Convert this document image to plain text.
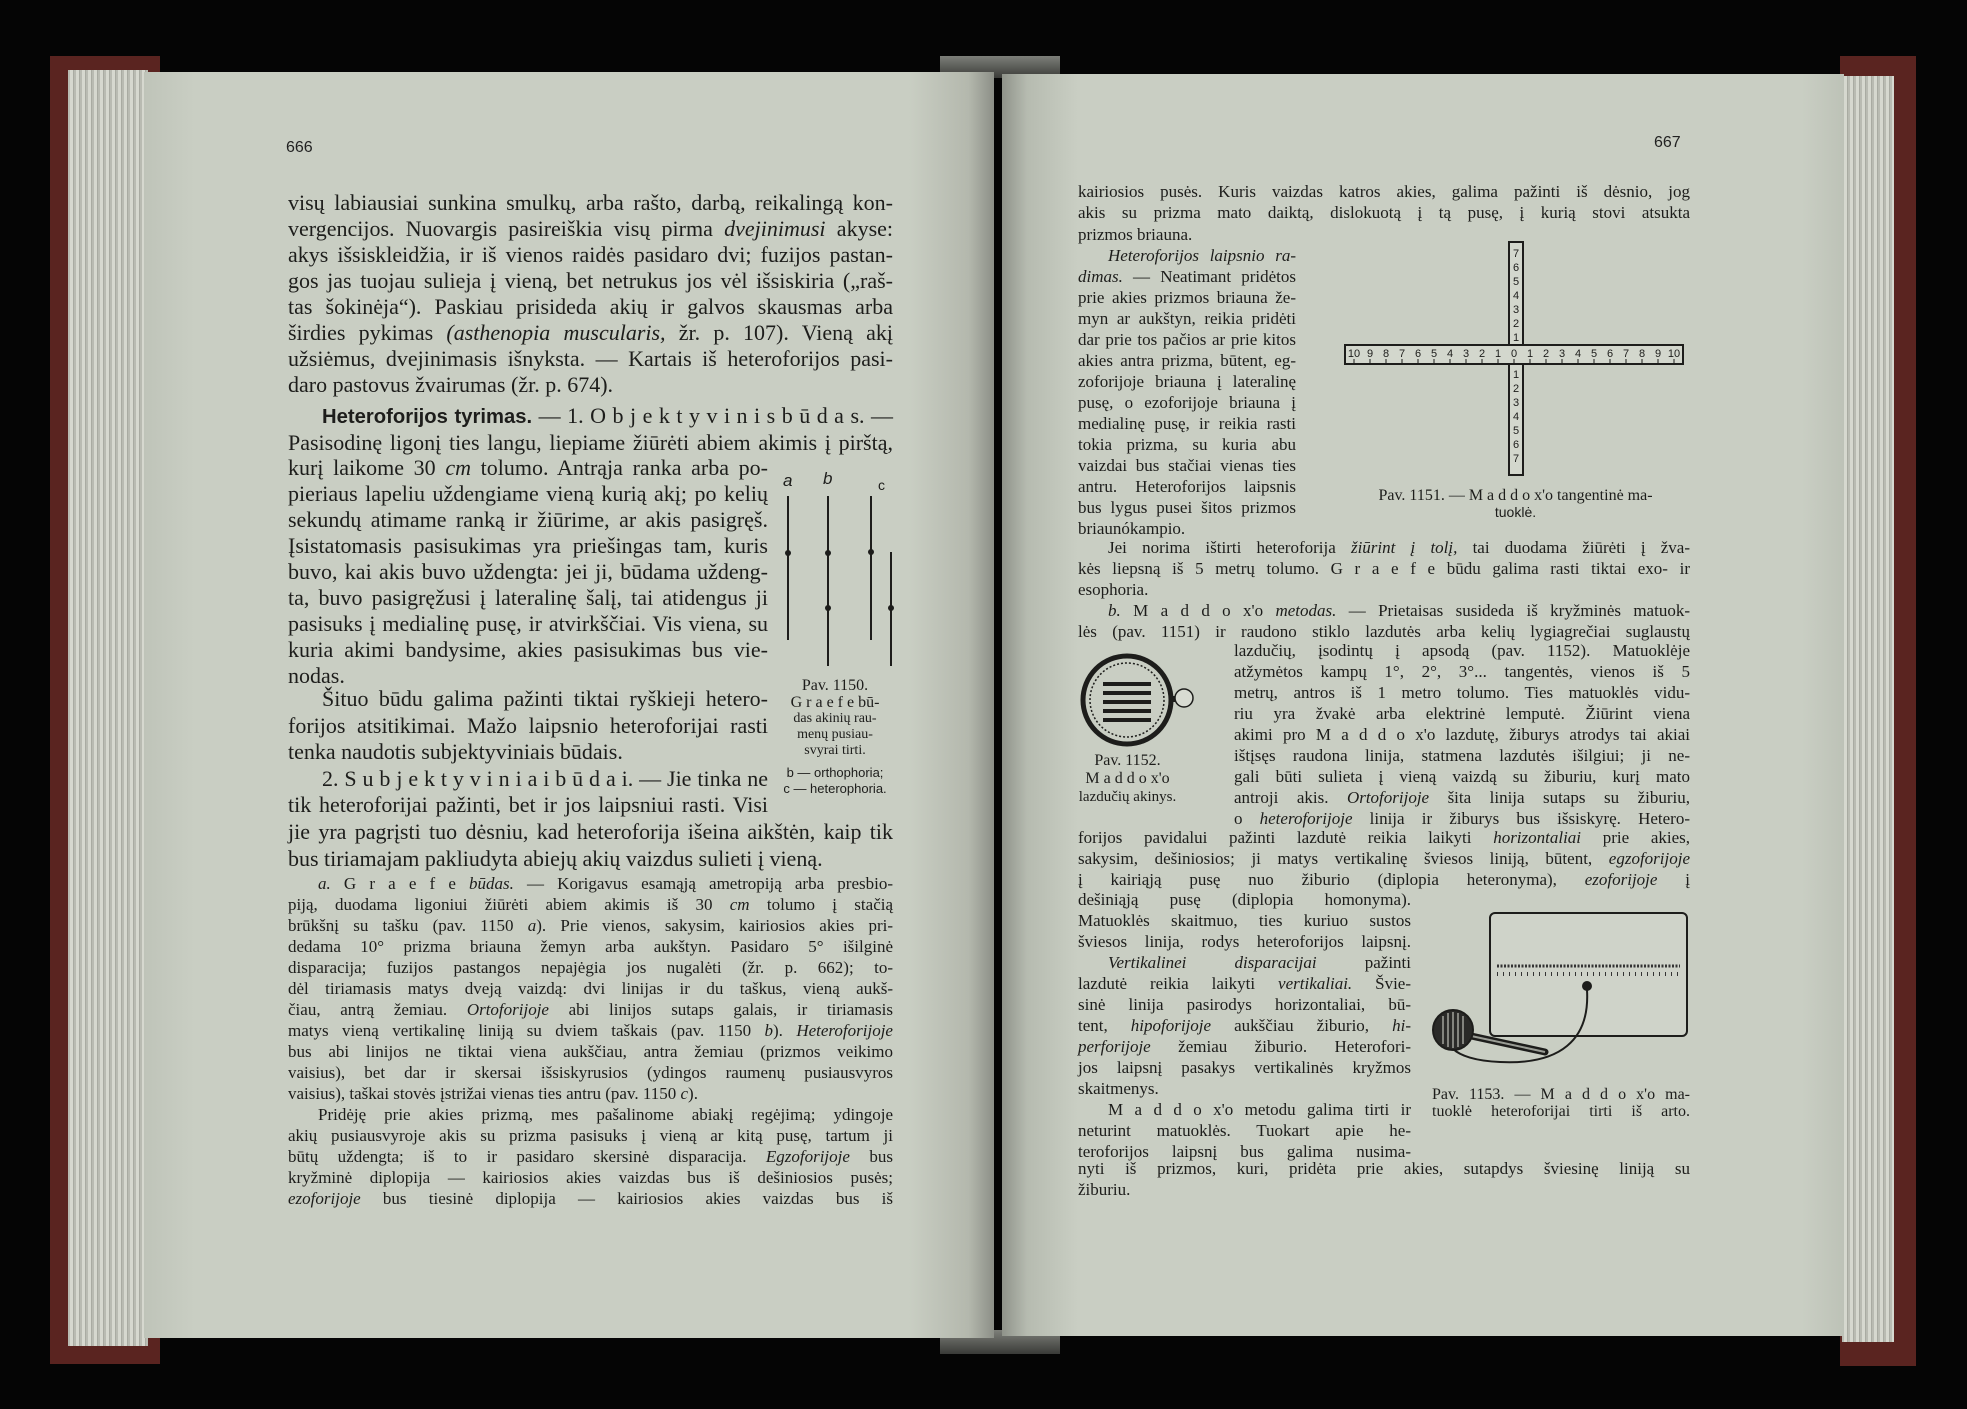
666	667
visų labiausiai sunkina smulkų, arba rašto, darbą, reikalingą kon-
vergencijos. Nuovargis pasireiškia visų pirma dvejinimusi akyse:
akys išsiskleidžia, ir iš vienos raidės pasidaro dvi; fuzijos pastan-
gos jas tuojau sulieja į vieną, bet netrukus jos vėl išsiskiria („raš-
tas šokinėja“). Paskiau prisideda akių ir galvos skausmas arba
širdies pykimas (asthenopia muscularis, žr. p. 107). Vieną akį
užsiėmus, dvejinimasis išnyksta. — Kartais iš heteroforijos pasi-
daro pastovus žvairumas (žr. p. 674).
Heteroforijos tyrimas. — 1. O b j e k t y v i n i s b ū d a s. —
Pasisodinę ligonį ties langu, liepiame žiūrėti abiem akimis į pirštą,
kurį laikome 30 cm tolumo. Antrąja ranka arba po-
pieriaus lapeliu uždengiame vieną kurią akį; po kelių
sekundų atimame ranką ir žiūrime, ar akis pasigręš.
Įsistatomasis pasisukimas yra priešingas tam, kuris
buvo, kai akis buvo uždengta: jei ji, būdama uždeng-
ta, buvo pasigręžusi į lateralinę šalį, tai atidengus ji
pasisuks į medialinę pusę, ir atvirkščiai. Vis viena, su
kuria akimi bandysime, akies pasisukimas bus vie-
nodas.
Šituo būdu galima pažinti tiktai ryškieji hetero-
forijos atsitikimai. Mažo laipsnio heteroforijai rasti
tenka naudotis subjektyviniais būdais.
2. S u b j e k t y v i n i a i b ū d a i. — Jie tinka ne
tik heteroforijai pažinti, bet ir jos laipsniui rasti. Visi
jie yra pagrįsti tuo dėsniu, kad heteroforija išeina aikštėn, kaip tik
bus tiriamajam pakliudyta abiejų akių vaizdus sulieti į vieną.
a. G r a e f e būdas. — Korigavus esamąją ametropiją arba presbio-
piją, duodama ligoniui žiūrėti abiem akimis iš 30 cm tolumo į stačią
brūkšnį su tašku (pav. 1150 a). Prie vienos, sakysim, kairiosios akies pri-
dedama 10° prizma briauna žemyn arba aukštyn. Pasidaro 5° išilginė
disparacija; fuzijos pastangos nepajėgia jos nugalėti (žr. p. 662); to-
dėl tiriamasis matys dveją vaizdą: dvi linijas ir du taškus, vieną aukš-
čiau, antrą žemiau. Ortoforijoje abi linijos sutaps galais, ir tiriamasis
matys vieną vertikalinę liniją su dviem taškais (pav. 1150 b). Heteroforijoje
bus abi linijos ne tiktai viena aukščiau, antra žemiau (prizmos veikimo
vaisius), bet dar ir skersai išsiskyrusios (ydingos raumenų pusiausvyros
vaisius), taškai stovės įstrižai vienas ties antru (pav. 1150 c).
Pridėję prie akies prizmą, mes pašalinome abiakį regėjimą; ydingoje
akių pusiausvyroje akis su prizma pasisuks į vieną ar kitą pusę, tartum ji
būtų uždengta; iš to ir pasidaro skersinė disparacija. Egzoforijoje bus
kryžminė diplopija — kairiosios akies vaizdas bus iš dešiniosios pusės;
ezoforijoje bus tiesinė diplopija — kairiosios akies vaizdas bus iš
a b	c
Pav. 1150.
G r a e f e bū-
das akinių rau-
menų pusiau-
svyrai tirti.
b — orthophoria;
c — heterophoria.
kairiosios pusės. Kuris vaizdas katros akies, galima pažinti iš dėsnio, jog
akis su prizma mato daiktą, dislokuotą į tą pusę, į kurią stovi atsukta
prizmos briauna.
Heteroforijos laipsnio ra-
dimas. — Neatimant pridėtos
prie akies prizmos briauna že-
myn ar aukštyn, reikia pridėti
dar prie tos pačios ar prie kitos
akies antra prizma, būtent, eg-
zoforijoje briauna į lateralinę
pusę, o ezoforijoje briauna į
medialinę pusę, ir reikia rasti
tokia prizma, su kuria abu
vaizdai bus stačiai vienas ties
antru. Heteroforijos laipsnis
bus lygus pusei šitos prizmos
briaunókampio.
Jei norima ištirti heteroforija žiūrint į tolį, tai duodama žiūrėti į žva-
kės liepsną iš 5 metrų tolumo. G r a e f e būdu galima rasti tiktai exo- ir
esophoria.
b. M a d d o x'o metodas. — Prietaisas susideda iš kryžminės matuok-
lės (pav. 1151) ir raudono stiklo lazdutės arba kelių lygiagrečiai suglaustų
lazdučių, įsodintų į apsodą (pav. 1152). Matuoklėje
atžymėtos kampų 1°, 2°, 3°... tangentės, vienos iš 5
metrų, antros iš 1 metro tolumo. Ties matuoklės vidu-
riu yra žvakė arba elektrinė lemputė. Žiūrint viena
akimi pro M a d d o x'o lazdutę, žiburys atrodys tai akiai
ištįsęs raudona linija, statmena lazdutės išilgiui; ji ne-
gali būti sulieta į vieną vaizdą su žiburiu, kurį mato
antroji akis. Ortoforijoje šita linija sutaps su žiburiu,
o heteroforijoje linija ir žiburys bus išsiskyrę. Hetero-
forijos pavidalui pažinti lazdutė reikia laikyti horizontaliai prie akies,
sakysim, dešiniosios; ji matys vertikalinę šviesos liniją, būtent, egzoforijoje
į kairiąją pusę nuo žiburio (diplopia heteronyma), ezoforijoje į
dešiniąją pusę (diplopia homonyma).
Matuoklės skaitmuo, ties kuriuo sustos
šviesos linija, rodys heteroforijos laipsnį.
Vertikalinei disparacijai pažinti
lazdutė reikia laikyti vertikaliai. Švie-
sinė linija pasirodys horizontaliai, bū-
tent, hipoforijoje aukščiau žiburio, hi-
perforijoje žemiau žiburio. Heterofori-
jos laipsnį pasakys vertikalinės kryžmos
skaitmenys.
M a d d o x'o metodu galima tirti ir
neturint matuoklės. Tuokart apie he-
teroforijos laipsnį bus galima nusima-
nyti iš prizmos, kuri, pridėta prie akies, sutapdys šviesinę liniją su
žiburiu.
10 9 8 7 6 5 4 3 2 1 0 1 2 3 4 5 6 7 8 9 10
7
6
5
4
3
2
1
1
2
3
4
5
6
7
Pav. 1151. — M a d d o x'o tangentinė ma-
tuoklė.
Pav. 1152.
M a d d o x'o
lazdučių akinys.
Pav. 1153. — M a d d o x'o ma-
tuoklė heteroforijai tirti iš arto.
